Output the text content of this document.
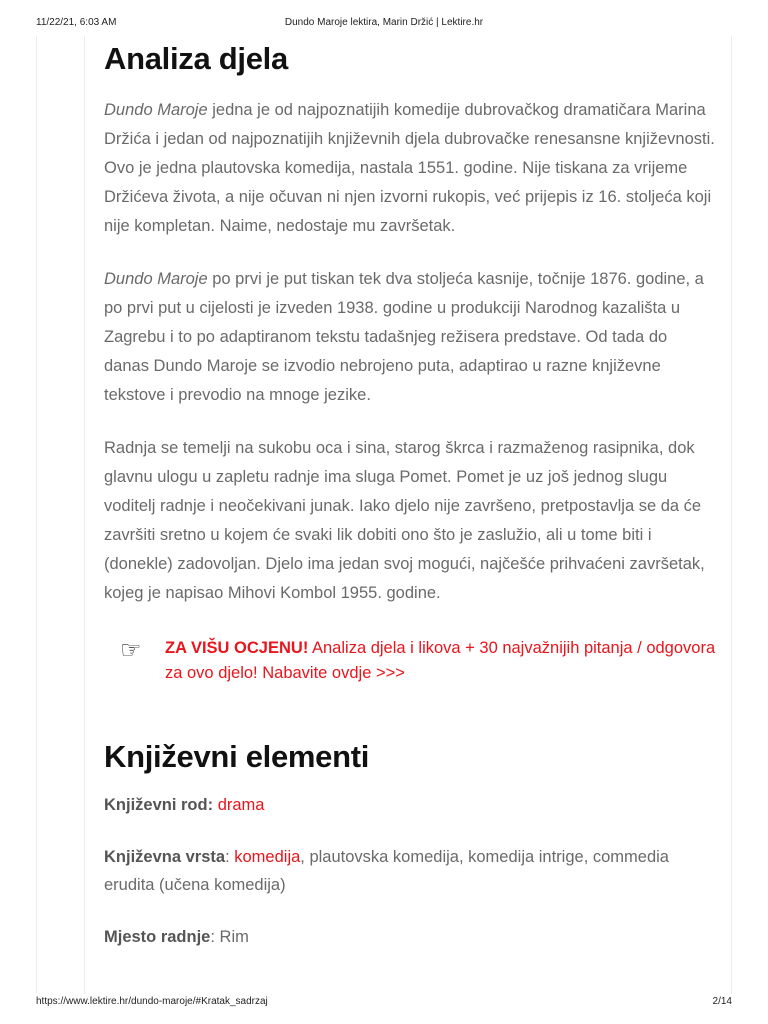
11/22/21, 6:03 AM	Dundo Maroje lektira, Marin Držić | Lektire.hr
Analiza djela

Dundo Maroje jedna je od najpoznatijih komedije dubrovačkog dramatičara Marina Držića i jedan od najpoznatijih književnih djela dubrovačke renesansne književnosti. Ovo je jedna plautovska komedija, nastala 1551. godine. Nije tiskana za vrijeme Držićeva života, a nije očuvan ni njen izvorni rukopis, već prijepis iz 16. stoljeća koji nije kompletan. Naime, nedostaje mu završetak.

Dundo Maroje po prvi je put tiskan tek dva stoljeća kasnije, točnije 1876. godine, a po prvi put u cijelosti je izveden 1938. godine u produkciji Narodnog kazališta u Zagrebu i to po adaptiranom tekstu tadašnjeg režisera predstave. Od tada do danas Dundo Maroje se izvodio nebrojeno puta, adaptirao u razne književne tekstove i prevodio na mnoge jezike.

Radnja se temelji na sukobu oca i sina, starog škrca i razmaženog rasipnika, dok glavnu ulogu u zapletu radnje ima sluga Pomet. Pomet je uz još jednog slugu voditelj radnje i neočekivani junak. Iako djelo nije završeno, pretpostavlja se da će završiti sretno u kojem će svaki lik dobiti ono što je zaslužio, ali u tome biti i (donekle) zadovoljan. Djelo ima jedan svoj mogući, najčešće prihvaćeni završetak, kojeg je napisao Mihovi Kombol 1955. godine.

☞ ZA VIŠU OCJENU! Analiza djela i likova + 30 najvažnijih pitanja / odgovora za ovo djelo! Nabavite ovdje >>>
Književni elementi
Književni rod: drama
Književna vrsta: komedija, plautovska komedija, komedija intrige, commedia erudita (učena komedija)
Mjesto radnje: Rim
https://www.lektire.hr/dundo-maroje/#Kratak_sadrzaj	2/14
